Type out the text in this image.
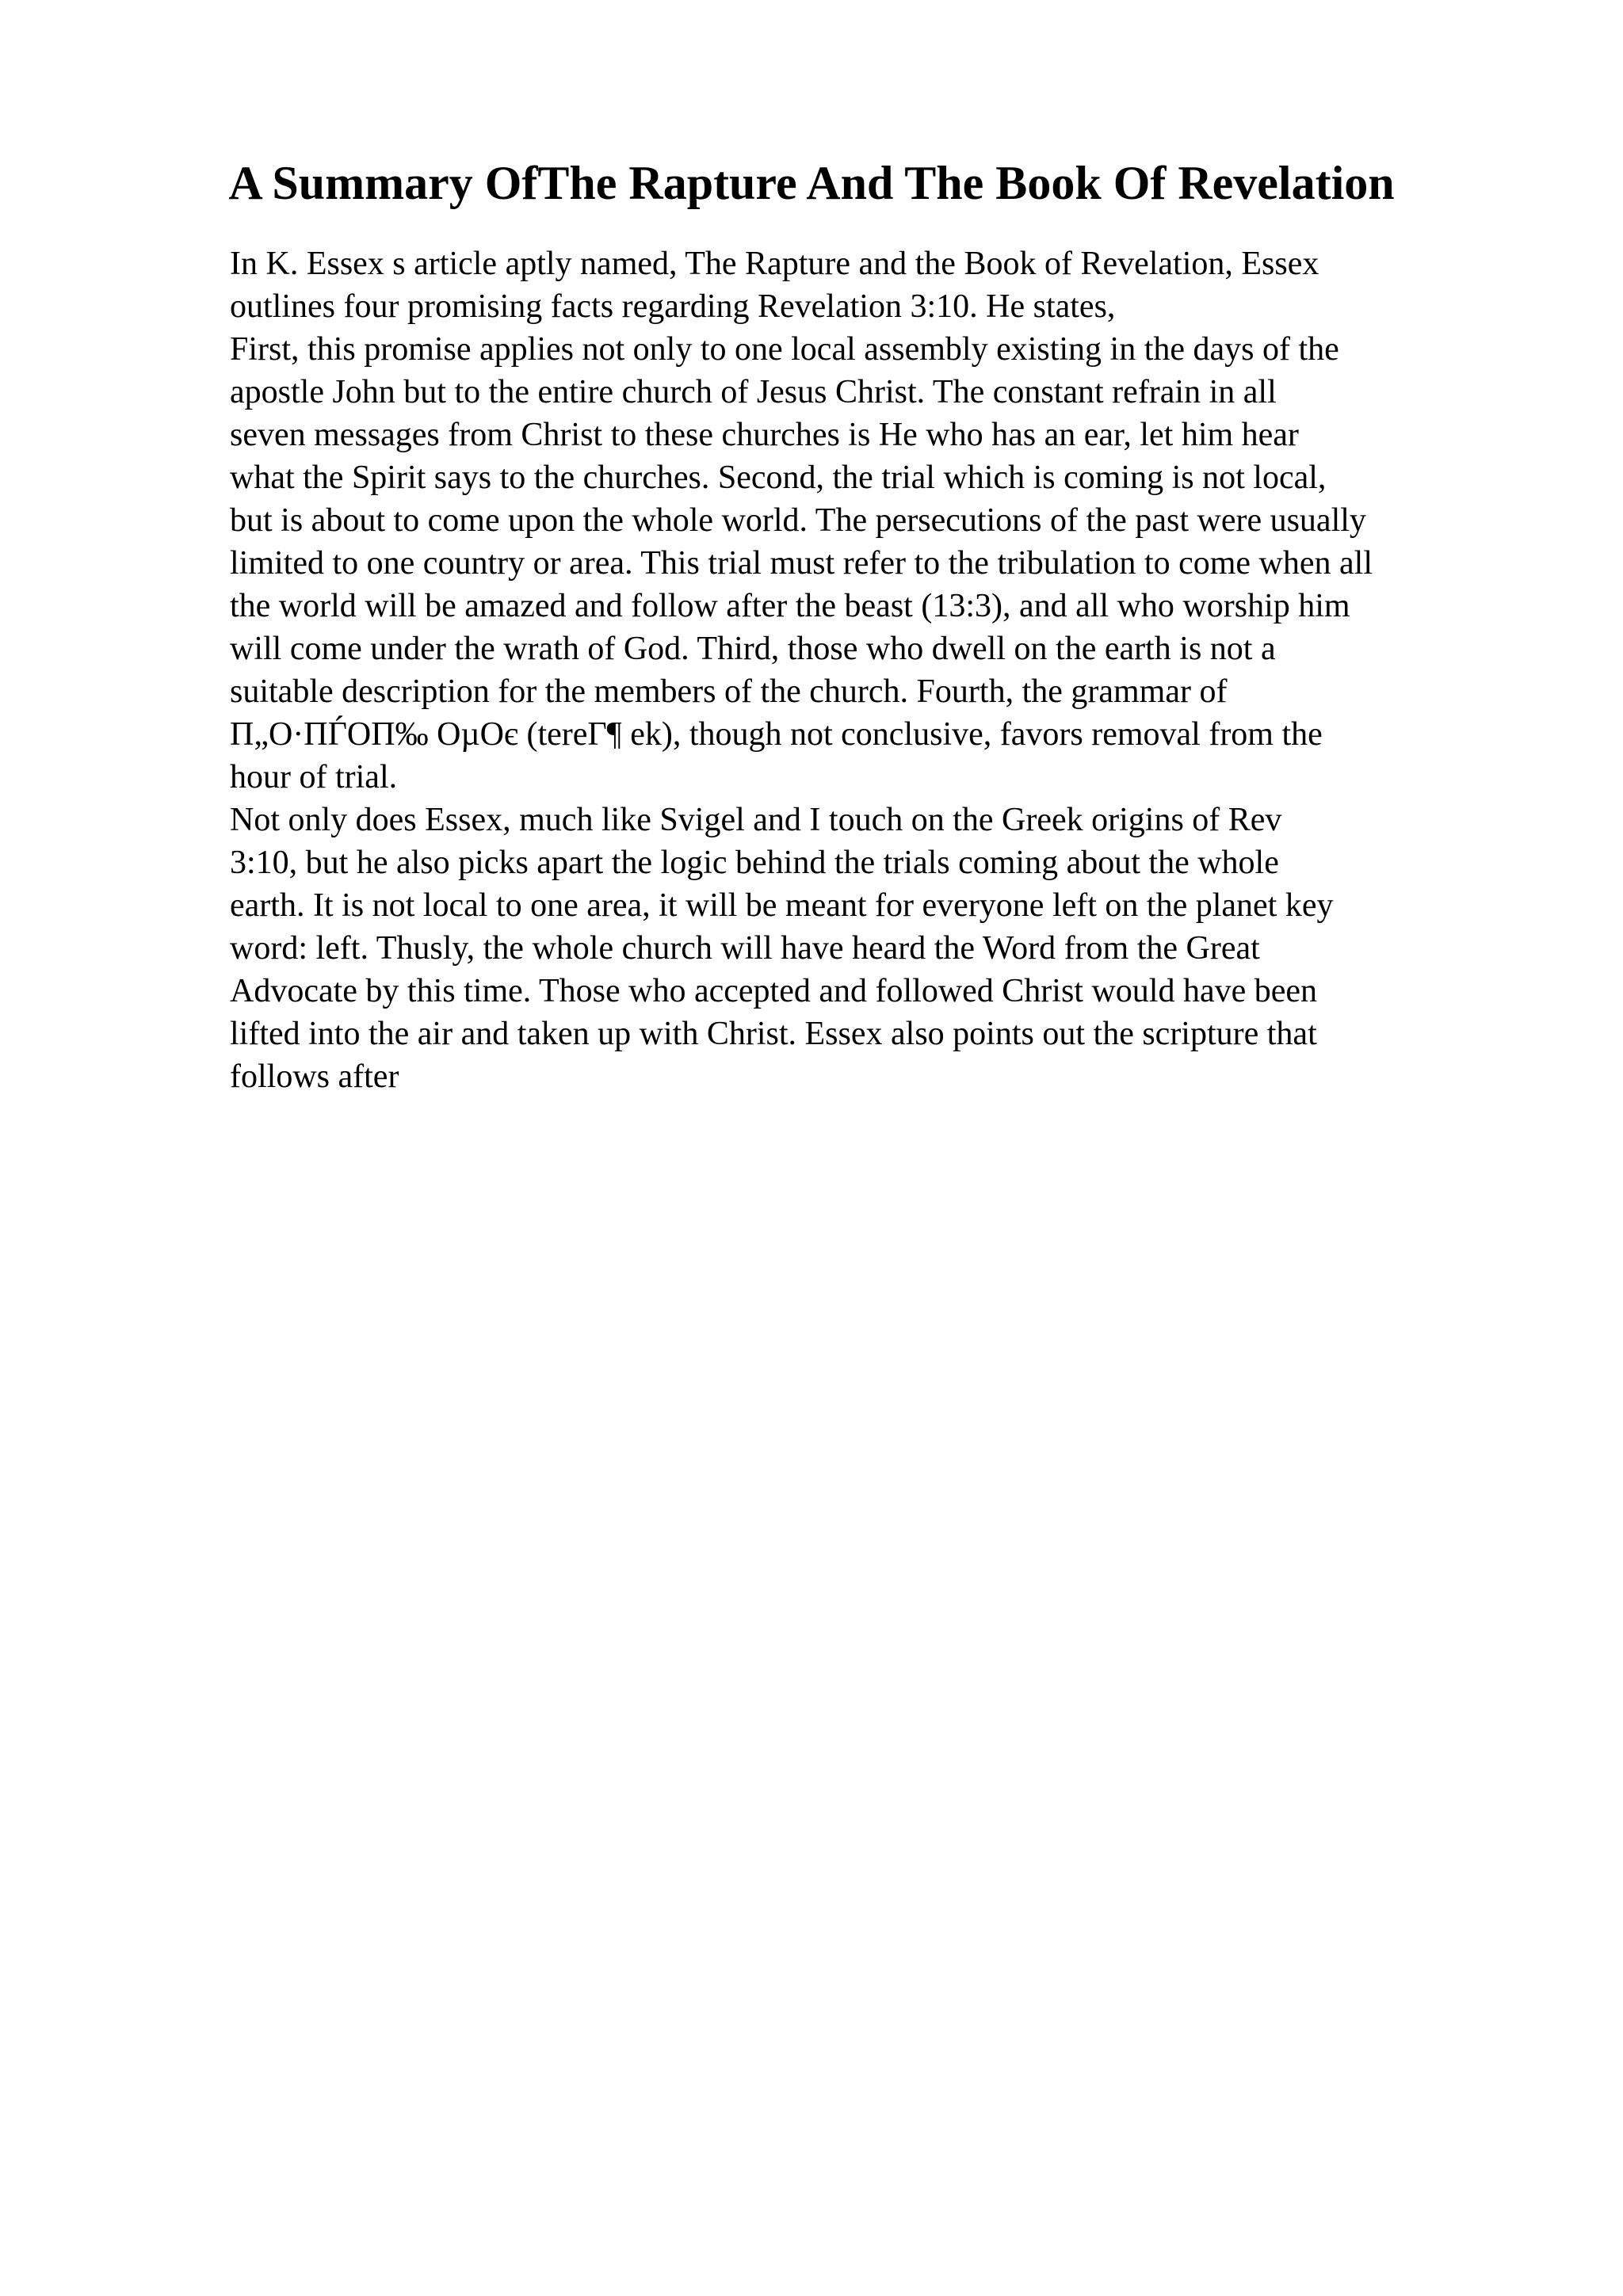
A Summary OfThe Rapture And The Book Of Revelation
In K. Essex s article aptly named, The Rapture and the Book of Revelation, Essex
outlines four promising facts regarding Revelation 3:10. He states,
First, this promise applies not only to one local assembly existing in the days of the
apostle John but to the entire church of Jesus Christ. The constant refrain in all
seven messages from Christ to these churches is He who has an ear, let him hear
what the Spirit says to the churches. Second, the trial which is coming is not local,
but is about to come upon the whole world. The persecutions of the past were usually
limited to one country or area. This trial must refer to the tribulation to come when all
the world will be amazed and follow after the beast (13:3), and all who worship him
will come under the wrath of God. Third, those who dwell on the earth is not a
suitable description for the members of the church. Fourth, the grammar of
Π„Ο·ΠЃΟΠ‰ ΟµΟє (tereΓ¶ ek), though not conclusive, favors removal from the
hour of trial.
Not only does Essex, much like Svigel and I touch on the Greek origins of Rev
3:10, but he also picks apart the logic behind the trials coming about the whole
earth. It is not local to one area, it will be meant for everyone left on the planet key
word: left. Thusly, the whole church will have heard the Word from the Great
Advocate by this time. Those who accepted and followed Christ would have been
lifted into the air and taken up with Christ. Essex also points out the scripture that
follows after
